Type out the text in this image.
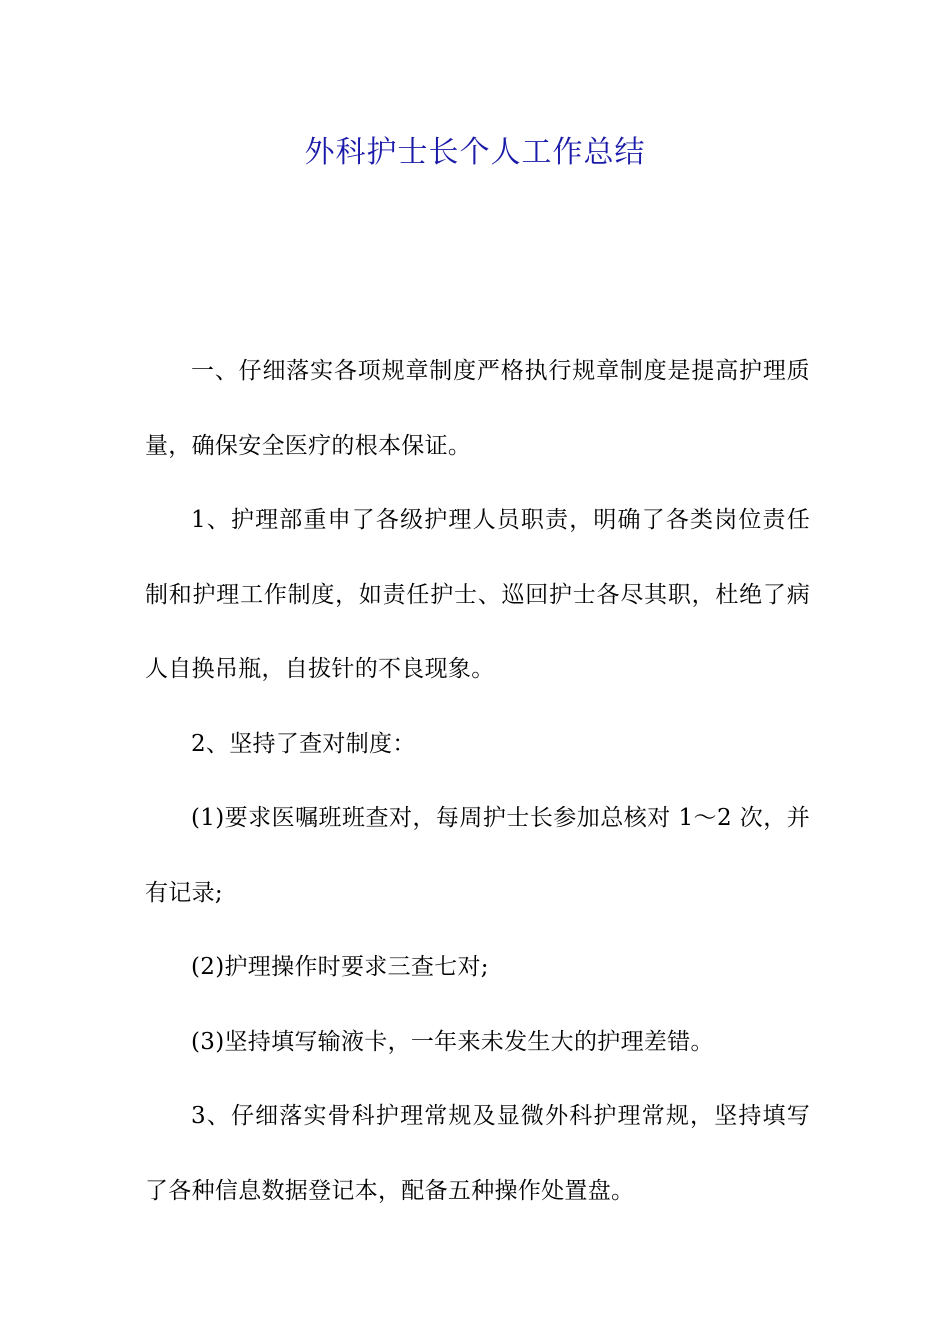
外科护士长个人工作总结

一、仔细落实各项规章制度严格执行规章制度是提高护理质量，确保安全医疗的根本保证。

1、护理部重申了各级护理人员职责，明确了各类岗位责任制和护理工作制度，如责任护士、巡回护士各尽其职，杜绝了病人自换吊瓶，自拔针的不良现象。

2、坚持了查对制度：

(1)要求医嘱班班查对，每周护士长参加总核对 1～2 次，并有记录;

(2)护理操作时要求三查七对;

(3)坚持填写输液卡，一年来未发生大的护理差错。

3、仔细落实骨科护理常规及显微外科护理常规，坚持填写了各种信息数据登记本，配备五种操作处置盘。
